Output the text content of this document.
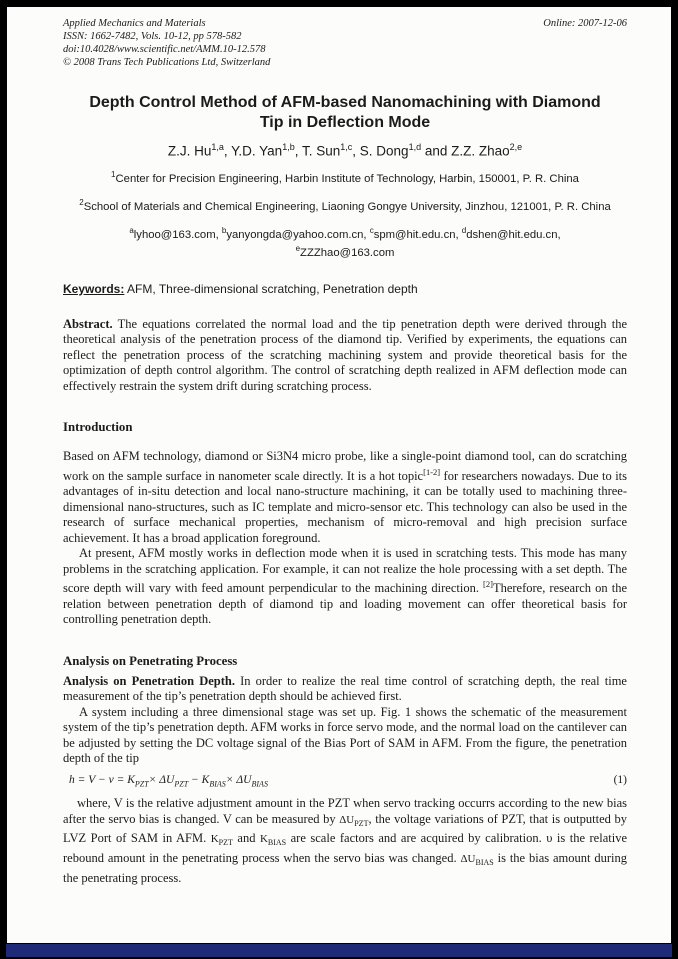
Applied Mechanics and Materials
ISSN: 1662-7482, Vols. 10-12, pp 578-582
doi:10.4028/www.scientific.net/AMM.10-12.578
© 2008 Trans Tech Publications Ltd, Switzerland
Online: 2007-12-06
Depth Control Method of AFM-based Nanomachining with Diamond Tip in Deflection Mode

Z.J. Hu$^{1,a}$, Y.D. Yan$^{1,b}$, T. Sun$^{1,c}$, S. Dong$^{1,d}$ and Z.Z. Zhao$^{2,e}$

$^1$Center for Precision Engineering, Harbin Institute of Technology, Harbin, 150001, P. R. China

$^2$School of Materials and Chemical Engineering, Liaoning Gongye University, Jinzhou, 121001, P. R. China

$^a$lyhoo@163.com, $^b$yanyongda@yahoo.com.cn, $^c$spm@hit.edu.cn, $^d$dshen@hit.edu.cn, $^e$ZZZhao@163.com

Keywords: AFM, Three-dimensional scratching, Penetration depth

Abstract. The equations correlated the normal load and the tip penetration depth were derived through the theoretical analysis of the penetration process of the diamond tip. Verified by experiments, the equations can reflect the penetration process of the scratching machining system and provide theoretical basis for the optimization of depth control algorithm. The control of scratching depth realized in AFM deflection mode can effectively restrain the system drift during scratching process.

Introduction

Based on AFM technology, diamond or Si3N4 micro probe, like a single-point diamond tool, can do scratching work on the sample surface in nanometer scale directly. It is a hot topic[1-2] for researchers nowadays. Due to its advantages of in-situ detection and local nano-structure machining, it can be totally used to machining three-dimensional nano-structures, such as IC template and micro-sensor etc. This technology can also be used in the research of surface mechanical properties, mechanism of micro-removal and high precision surface achievement. It has a broad application foreground.

At present, AFM mostly works in deflection mode when it is used in scratching tests. This mode has many problems in the scratching application. For example, it can not realize the hole processing with a set depth. The score depth will vary with feed amount perpendicular to the machining direction. [2]Therefore, research on the relation between penetration depth of diamond tip and loading movement can offer theoretical basis for controlling penetration depth.

Analysis on Penetrating Process

Analysis on Penetration Depth. In order to realize the real time control of scratching depth, the real time measurement of the tip’s penetration depth should be achieved first.

A system including a three dimensional stage was set up. Fig. 1 shows the schematic of the measurement system of the tip’s penetration depth. AFM works in force servo mode, and the normal load on the cantilever can be adjusted by setting the DC voltage signal of the Bias Port of SAM in AFM. From the figure, the penetration depth of the tip

$h = V - v = K_{PZT}\times \Delta U_{PZT} - K_{BIAS}\times \Delta U_{BIAS}$	(1)

where, V is the relative adjustment amount in the PZT when servo tracking occurrs according to the new bias after the servo bias is changed. V can be measured by $\Delta U_{PZT}$, the voltage variations of PZT, that is outputted by LVZ Port of SAM in AFM. $K_{PZT}$ and $K_{BIAS}$ are scale factors and are acquired by calibration. υ is the relative rebound amount in the penetrating process when the servo bias was changed. $\Delta U_{BIAS}$ is the bias amount during the penetrating process.
